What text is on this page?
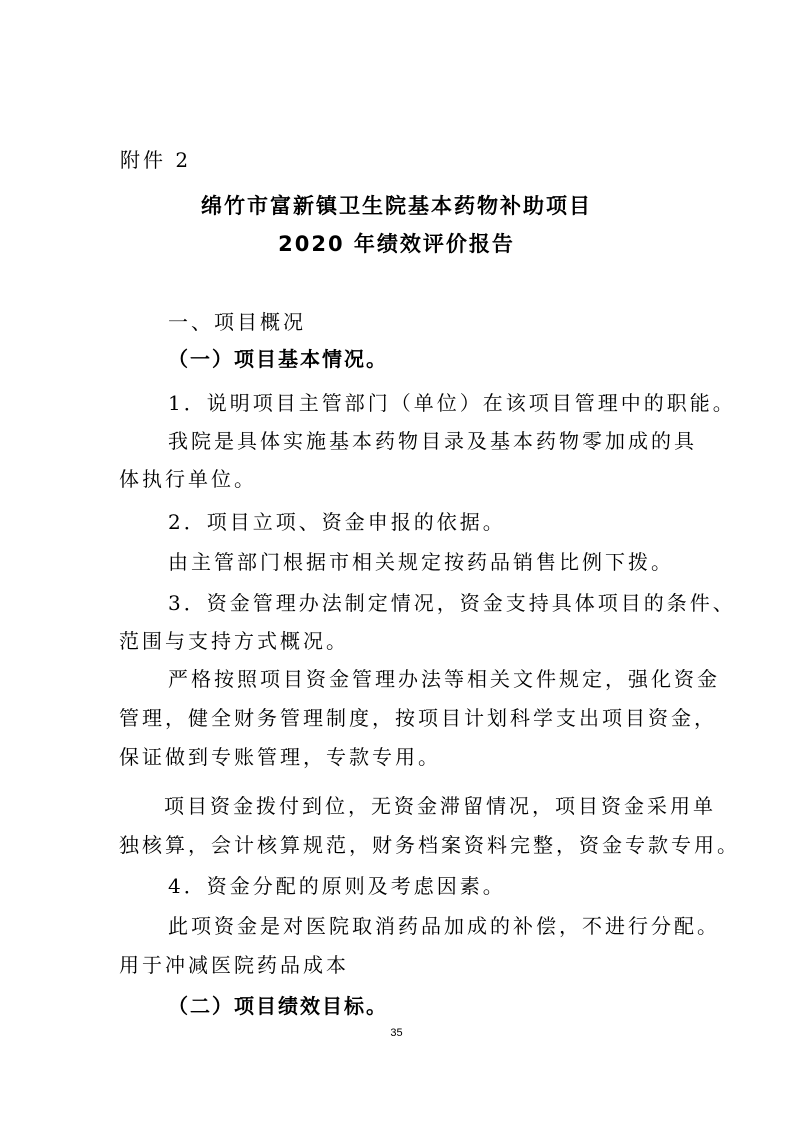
附件 2
绵竹市富新镇卫生院基本药物补助项目
2020 年绩效评价报告
一、项目概况
（一）项目基本情况。
1．说明项目主管部门（单位）在该项目管理中的职能。
我院是具体实施基本药物目录及基本药物零加成的具
体执行单位。
2．项目立项、资金申报的依据。
由主管部门根据市相关规定按药品销售比例下拨。
3．资金管理办法制定情况，资金支持具体项目的条件、
范围与支持方式概况。
严格按照项目资金管理办法等相关文件规定，强化资金
管理，健全财务管理制度，按项目计划科学支出项目资金，
保证做到专账管理，专款专用。
项目资金拨付到位，无资金滞留情况，项目资金采用单
独核算，会计核算规范，财务档案资料完整，资金专款专用。
4．资金分配的原则及考虑因素。
此项资金是对医院取消药品加成的补偿，不进行分配。
用于冲减医院药品成本
（二）项目绩效目标。
35
